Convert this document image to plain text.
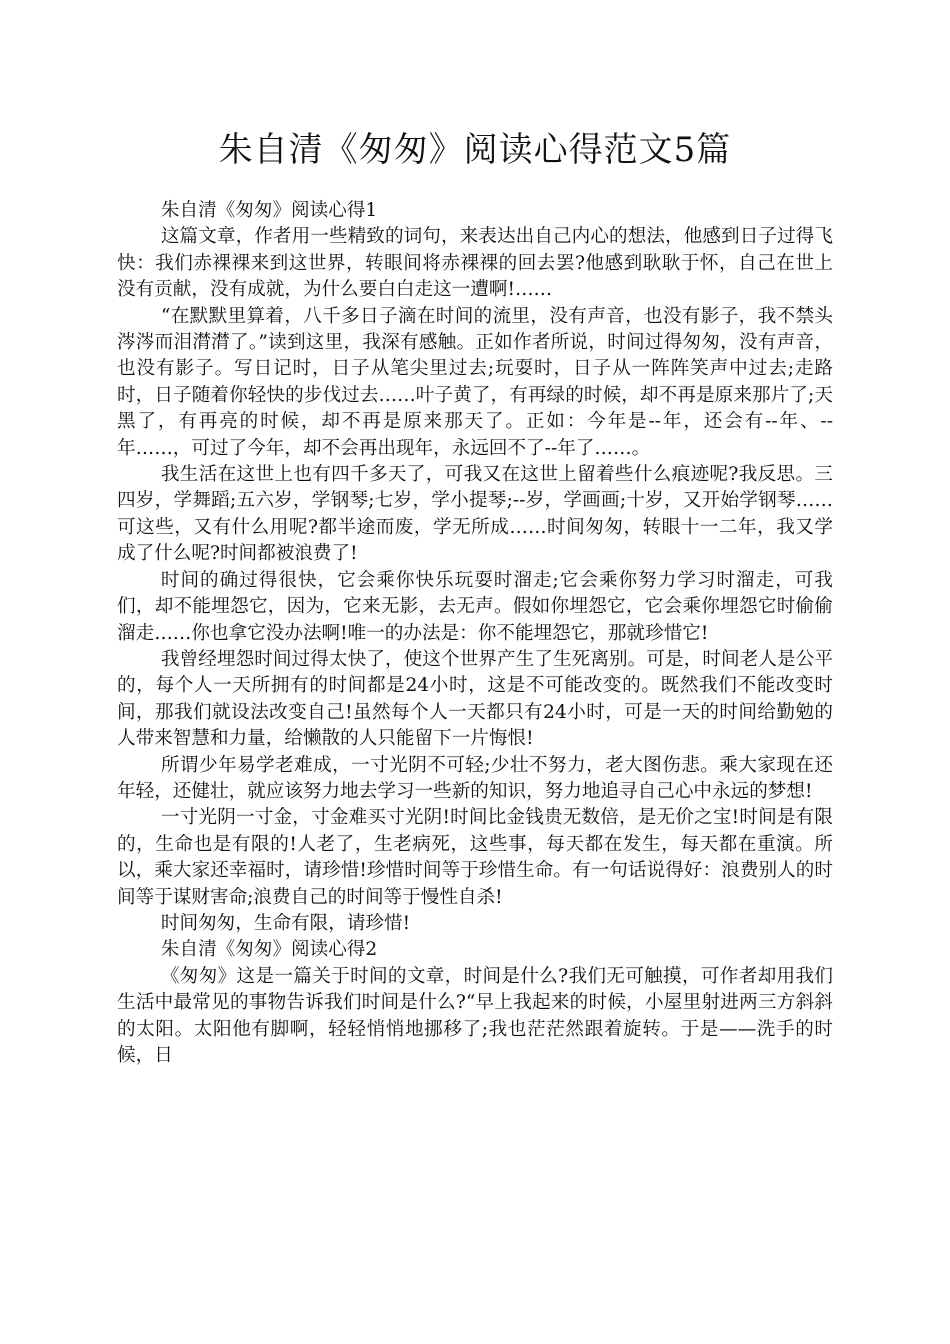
朱自清《匆匆》阅读心得范文5篇

朱自清《匆匆》阅读心得1

这篇文章，作者用一些精致的词句，来表达出自己内心的想法，他感到日子过得飞快：我们赤裸裸来到这世界，转眼间将赤裸裸的回去罢?他感到耿耿于怀，自己在世上没有贡献，没有成就，为什么要白白走这一遭啊!……

“在默默里算着，八千多日子滴在时间的流里，没有声音，也没有影子，我不禁头涔涔而泪潸潸了。”读到这里，我深有感触。正如作者所说，时间过得匆匆，没有声音，也没有影子。写日记时，日子从笔尖里过去;玩耍时，日子从一阵阵笑声中过去;走路时，日子随着你轻快的步伐过去……叶子黄了，有再绿的时候，却不再是原来那片了;天黑了，有再亮的时候，却不再是原来那天了。正如：今年是--年，还会有--年、--年……，可过了今年，却不会再出现年，永远回不了--年了……。

我生活在这世上也有四千多天了，可我又在这世上留着些什么痕迹呢?我反思。三四岁，学舞蹈;五六岁，学钢琴;七岁，学小提琴;--岁，学画画;十岁，又开始学钢琴……可这些，又有什么用呢?都半途而废，学无所成……时间匆匆，转眼十一二年，我又学成了什么呢?时间都被浪费了!

时间的确过得很快，它会乘你快乐玩耍时溜走;它会乘你努力学习时溜走，可我们，却不能埋怨它，因为，它来无影，去无声。假如你埋怨它，它会乘你埋怨它时偷偷溜走……你也拿它没办法啊!唯一的办法是：你不能埋怨它，那就珍惜它!

我曾经埋怨时间过得太快了，使这个世界产生了生死离别。可是，时间老人是公平的，每个人一天所拥有的时间都是24小时，这是不可能改变的。既然我们不能改变时间，那我们就设法改变自己!虽然每个人一天都只有24小时，可是一天的时间给勤勉的人带来智慧和力量，给懒散的人只能留下一片悔恨!

所谓少年易学老难成，一寸光阴不可轻;少壮不努力，老大图伤悲。乘大家现在还年轻，还健壮，就应该努力地去学习一些新的知识，努力地追寻自己心中永远的梦想!

一寸光阴一寸金，寸金难买寸光阴!时间比金钱贵无数倍，是无价之宝!时间是有限的，生命也是有限的!人老了，生老病死，这些事，每天都在发生，每天都在重演。所以，乘大家还幸福时，请珍惜!珍惜时间等于珍惜生命。有一句话说得好：浪费别人的时间等于谋财害命;浪费自己的时间等于慢性自杀!

时间匆匆，生命有限，请珍惜!

朱自清《匆匆》阅读心得2

《匆匆》这是一篇关于时间的文章，时间是什么?我们无可触摸，可作者却用我们生活中最常见的事物告诉我们时间是什么?“早上我起来的时候，小屋里射进两三方斜斜的太阳。太阳他有脚啊，轻轻悄悄地挪移了;我也茫茫然跟着旋转。于是——洗手的时候，日
